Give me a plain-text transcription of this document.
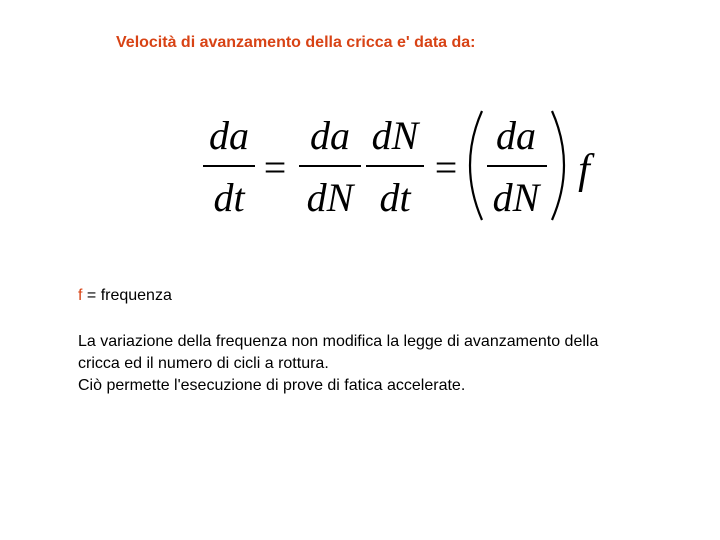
Velocità di avanzamento della cricca e' data da:
da
dt
=
da
dN
dN
dt
=
da
dN
f
f = frequenza
La variazione della frequenza non modifica la legge di avanzamento della
cricca ed il numero di cicli a rottura.
Ciò permette l'esecuzione di prove di fatica accelerate.
